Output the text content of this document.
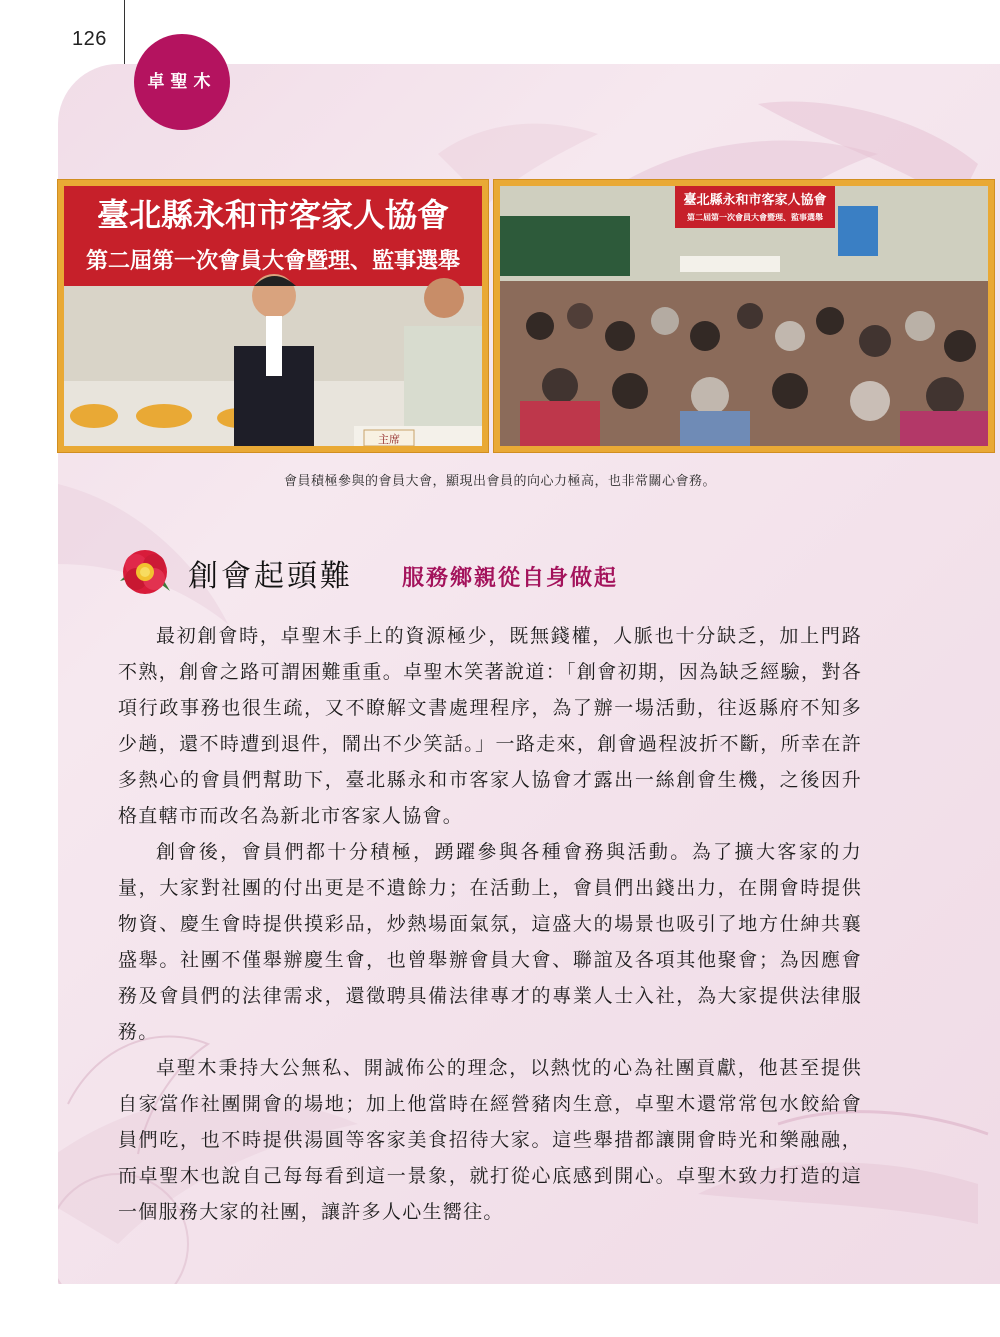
126
卓聖木
臺北縣永和市客家人協會
第二屆第一次會員大會暨理、監事選舉
主席
臺北縣永和市客家人協會
第二屆第一次會員大會暨理、監事選舉
會員積極參與的會員大會，顯現出會員的向心力極高，也非常關心會務。
創會起頭難 服務鄉親從自身做起

最初創會時，卓聖木手上的資源極少，既無錢權，人脈也十分缺乏，加上門路不熟，創會之路可謂困難重重。卓聖木笑著說道：「創會初期，因為缺乏經驗，對各項行政事務也很生疏，又不瞭解文書處理程序，為了辦一場活動，往返縣府不知多少趟，還不時遭到退件，鬧出不少笑話。」一路走來，創會過程波折不斷，所幸在許多熱心的會員們幫助下，臺北縣永和市客家人協會才露出一絲創會生機，之後因升格直轄市而改名為新北市客家人協會。

創會後，會員們都十分積極，踴躍參與各種會務與活動。為了擴大客家的力量，大家對社團的付出更是不遺餘力；在活動上，會員們出錢出力，在開會時提供物資、慶生會時提供摸彩品，炒熱場面氣氛，這盛大的場景也吸引了地方仕紳共襄盛舉。社團不僅舉辦慶生會，也曾舉辦會員大會、聯誼及各項其他聚會；為因應會務及會員們的法律需求，還徵聘具備法律專才的專業人士入社，為大家提供法律服務。

卓聖木秉持大公無私、開誠佈公的理念，以熱忱的心為社團貢獻，他甚至提供自家當作社團開會的場地；加上他當時在經營豬肉生意，卓聖木還常常包水餃給會員們吃，也不時提供湯圓等客家美食招待大家。這些舉措都讓開會時光和樂融融，而卓聖木也說自己每每看到這一景象，就打從心底感到開心。卓聖木致力打造的這一個服務大家的社團，讓許多人心生嚮往。
